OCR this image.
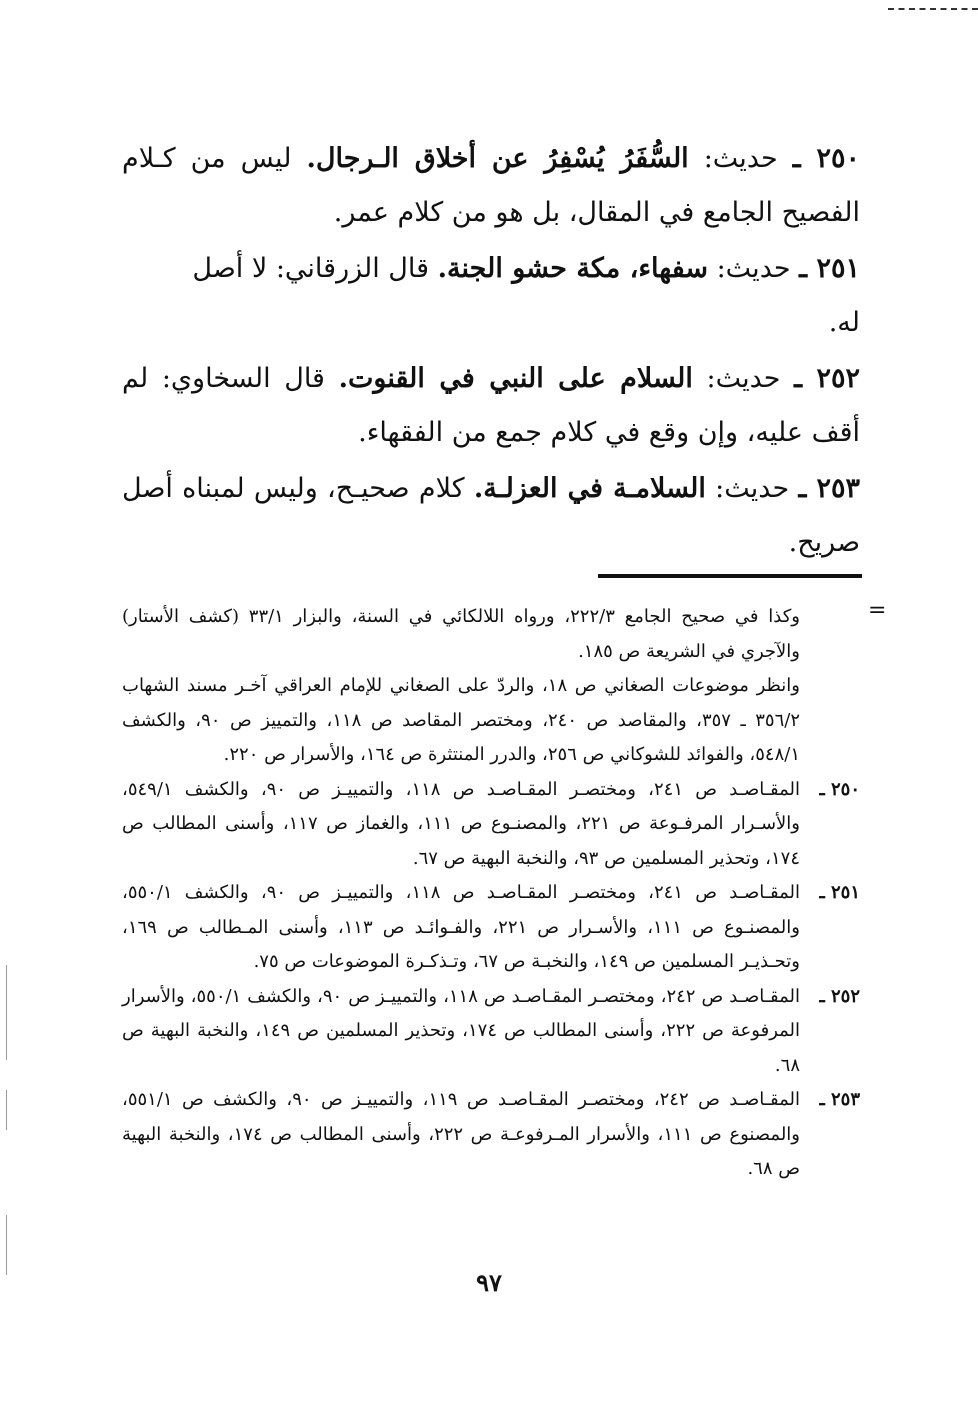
٢٥٠ ـ حديث: السُّفَرُ يُسْفِرُ عن أخلاق الـرجال. ليس من كـلام الفصيح الجامع في المقال، بل هو من كلام عمر.

٢٥١ ـ حديث: سفهاء، مكة حشو الجنة. قال الزرقاني: لا أصل
له.

٢٥٢ ـ حديث: السلام على النبي في القنوت. قال السخاوي: لم أقف عليه، وإن وقع في كلام جمع من الفقهاء.

٢٥٣ ـ حديث: السلامـة في العزلـة. كلام صحيـح، وليس لمبناه أصل صريح.

=
وكذا في صحيح الجامع ٢٢٢/٣، ورواه اللالكائي في السنة، والبزار ٣٣/١ (كشف الأستار) والآجري في الشريعة ص ١٨٥.
وانظر موضوعات الصغاني ص ١٨، والردّ على الصغاني للإمام العراقي آخـر مسند الشهاب ٣٥٦/٢ ـ ٣٥٧، والمقاصد ص ٢٤٠، ومختصر المقاصد ص ١١٨، والتمييز ص ٩٠، والكشف ٥٤٨/١، والفوائد للشوكاني ص ٢٥٦، والدرر المنتثرة ص ١٦٤، والأسرار ص ٢٢٠.
٢٥٠ ـ
المقـاصـد ص ٢٤١، ومختصـر المقـاصـد ص ١١٨، والتمييـز ص ٩٠، والكشف ٥٤٩/١، والأسـرار المرفـوعة ص ٢٢١، والمصنـوع ص ١١١، والغماز ص ١١٧، وأسنى المطالب ص ١٧٤، وتحذير المسلمين ص ٩٣، والنخبة البهية ص ٦٧.
٢٥١ ـ
المقـاصـد ص ٢٤١، ومختصـر المقـاصـد ص ١١٨، والتمييـز ص ٩٠، والكشف ٥٥٠/١، والمصنـوع ص ١١١، والأسـرار ص ٢٢١، والفـوائـد ص ١١٣، وأسنى المـطالب ص ١٦٩، وتحـذيـر المسلمين ص ١٤٩، والنخبـة ص ٦٧، وتـذكـرة الموضوعات ص ٧٥.
٢٥٢ ـ
المقـاصـد ص ٢٤٢، ومختصـر المقـاصـد ص ١١٨، والتمييـز ص ٩٠، والكشف ٥٥٠/١، والأسرار المرفوعة ص ٢٢٢، وأسنى المطالب ص ١٧٤، وتحذير المسلمين ص ١٤٩، والنخبة البهية ص ٦٨.
٢٥٣ ـ
المقـاصـد ص ٢٤٢، ومختصـر المقـاصـد ص ١١٩، والتمييـز ص ٩٠، والكشف ص ٥٥١/١، والمصنوع ص ١١١، والأسرار المـرفوعـة ص ٢٢٢، وأسنى المطالب ص ١٧٤، والنخبة البهية ص ٦٨.
٩٧
